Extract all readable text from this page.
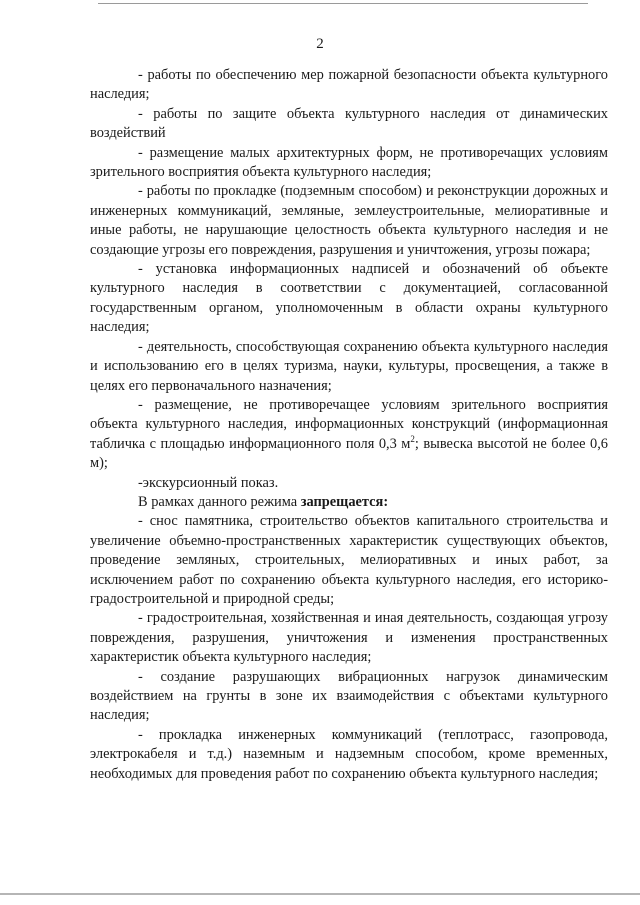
2

- работы по обеспечению мер пожарной безопасности объекта культурного наследия;

- работы по защите объекта культурного наследия от динамических воздействий

- размещение малых архитектурных форм, не противоречащих условиям зрительного восприятия объекта культурного наследия;

- работы по прокладке (подземным способом) и реконструкции дорожных и инженерных коммуникаций, земляные, землеустроительные, мелиоративные и иные работы, не нарушающие целостность объекта культурного наследия и не создающие угрозы его повреждения, разрушения и уничтожения, угрозы пожара;

- установка информационных надписей и обозначений об объекте культурного наследия в соответствии с документацией, согласованной государственным органом, уполномоченным в области охраны культурного наследия;

- деятельность, способствующая сохранению объекта культурного наследия и использованию его в целях туризма, науки, культуры, просвещения, а также в целях его первоначального назначения;

- размещение, не противоречащее условиям зрительного восприятия объекта культурного наследия, информационных конструкций (информационная табличка с площадью информационного поля 0,3 $м^2$; вывеска высотой не более 0,6 м);

-экскурсионный показ.

В рамках данного режима запрещается:

- снос памятника, строительство объектов капитального строительства и увеличение объемно-пространственных характеристик существующих объектов, проведение земляных, строительных, мелиоративных и иных работ, за исключением работ по сохранению объекта культурного наследия, его историко-градостроительной и природной среды;

- градостроительная, хозяйственная и иная деятельность, создающая угрозу повреждения, разрушения, уничтожения и изменения пространственных характеристик объекта культурного наследия;

- создание разрушающих вибрационных нагрузок динамическим воздействием на грунты в зоне их взаимодействия с объектами культурного наследия;

- прокладка инженерных коммуникаций (теплотрасс, газопровода, электрокабеля и т.д.) наземным и надземным способом, кроме временных, необходимых для проведения работ по сохранению объекта культурного наследия;
